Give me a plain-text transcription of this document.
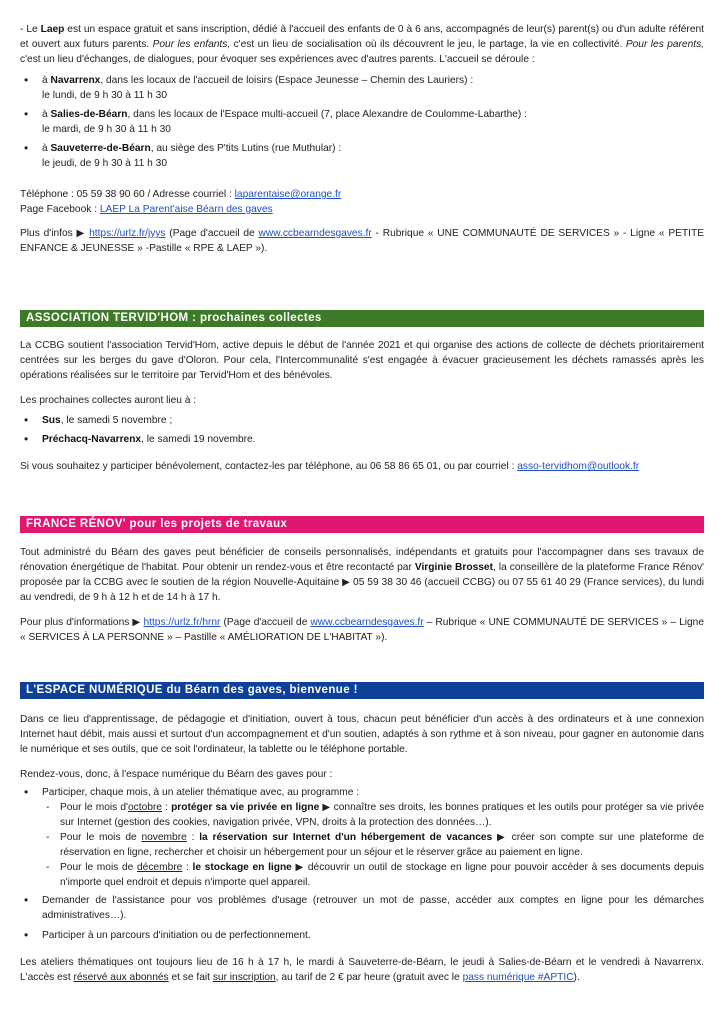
- Le Laep est un espace gratuit et sans inscription, dédié à l'accueil des enfants de 0 à 6 ans, accompagnés de leur(s) parent(s) ou d'un adulte référent et ouvert aux futurs parents. Pour les enfants, c'est un lieu de socialisation où ils découvrent le jeu, le partage, la vie en collectivité. Pour les parents, c'est un lieu d'échanges, de dialogues, pour évoquer ses expériences avec d'autres parents. L'accueil se déroule :

• à Navarrenx, dans les locaux de l'accueil de loisirs (Espace Jeunesse – Chemin des Lauriers) :
le lundi, de 9 h 30 à 11 h 30

• à Salies-de-Béarn, dans les locaux de l'Espace multi-accueil (7, place Alexandre de Coulomme-Labarthe) :
le mardi, de 9 h 30 à 11 h 30

• à Sauveterre-de-Béarn, au siège des P'tits Lutins (rue Muthular) :
le jeudi, de 9 h 30 à 11 h 30

Téléphone : 05 59 38 90 60 / Adresse courriel : laparentaise@orange.fr
Page Facebook : LAEP La Parent'aise Béarn des gaves

Plus d'infos ▶ https://urlz.fr/jyys (Page d'accueil de www.ccbearndesgaves.fr - Rubrique « UNE COMMUNAUTÉ DE SERVICES » - Ligne « PETITE ENFANCE & JEUNESSE » -Pastille « RPE & LAEP »).

ASSOCIATION TERVID'HOM : prochaines collectes

La CCBG soutient l'association Tervid'Hom, active depuis le début de l'année 2021 et qui organise des actions de collecte de déchets prioritairement centrées sur les berges du gave d'Oloron. Pour cela, l'Intercommunalité s'est engagée à évacuer gracieusement les déchets ramassés après les opérations réalisées sur le territoire par Tervid'Hom et des bénévoles.

Les prochaines collectes auront lieu à :

• Sus, le samedi 5 novembre ;

• Préchacq-Navarrenx, le samedi 19 novembre.

Si vous souhaitez y participer bénévolement, contactez-les par téléphone, au 06 58 86 65 01, ou par courriel : asso-tervidhom@outlook.fr

FRANCE RÉNOV' pour les projets de travaux

Tout administré du Béarn des gaves peut bénéficier de conseils personnalisés, indépendants et gratuits pour l'accompagner dans ses travaux de rénovation énergétique de l'habitat. Pour obtenir un rendez-vous et être recontacté par Virginie Brosset, la conseillère de la plateforme France Rénov' proposée par la CCBG avec le soutien de la région Nouvelle-Aquitaine ▶ 05 59 38 30 46 (accueil CCBG) ou 07 55 61 40 29 (France services), du lundi au vendredi, de 9 h à 12 h et de 14 h à 17 h.

Pour plus d'informations ▶ https://urlz.fr/hrnr (Page d'accueil de www.ccbearndesgaves.fr – Rubrique « UNE COMMUNAUTÉ DE SERVICES » – Ligne « SERVICES À LA PERSONNE » – Pastille « AMÉLIORATION DE L'HABITAT »).

L'ESPACE NUMÉRIQUE du Béarn des gaves, bienvenue !

Dans ce lieu d'apprentissage, de pédagogie et d'initiation, ouvert à tous, chacun peut bénéficier d'un accès à des ordinateurs et à une connexion Internet haut débit, mais aussi et surtout d'un accompagnement et d'un soutien, adaptés à son rythme et à son niveau, pour gagner en autonomie dans le numérique et ses outils, que ce soit l'ordinateur, la tablette ou le téléphone portable.

Rendez-vous, donc, à l'espace numérique du Béarn des gaves pour :

• Participer, chaque mois, à un atelier thématique avec, au programme :

- Pour le mois d'octobre : protéger sa vie privée en ligne ▶ connaître ses droits, les bonnes pratiques et les outils pour protéger sa vie privée sur Internet (gestion des cookies, navigation privée, VPN, droits à la protection des données…).

- Pour le mois de novembre : la réservation sur Internet d'un hébergement de vacances ▶ créer son compte sur une plateforme de réservation en ligne, rechercher et choisir un hébergement pour un séjour et le réserver grâce au paiement en ligne.

- Pour le mois de décembre : le stockage en ligne ▶ découvrir un outil de stockage en ligne pour pouvoir accéder à ses documents depuis n'importe quel endroit et depuis n'importe quel appareil.

• Demander de l'assistance pour vos problèmes d'usage (retrouver un mot de passe, accéder aux comptes en ligne pour les démarches administratives…).

• Participer à un parcours d'initiation ou de perfectionnement.

Les ateliers thématiques ont toujours lieu de 16 h à 17 h, le mardi à Sauveterre-de-Béarn, le jeudi à Salies-de-Béarn et le vendredi à Navarrenx. L'accès est réservé aux abonnés et se fait sur inscription, au tarif de 2 € par heure (gratuit avec le pass numérique #APTIC).
